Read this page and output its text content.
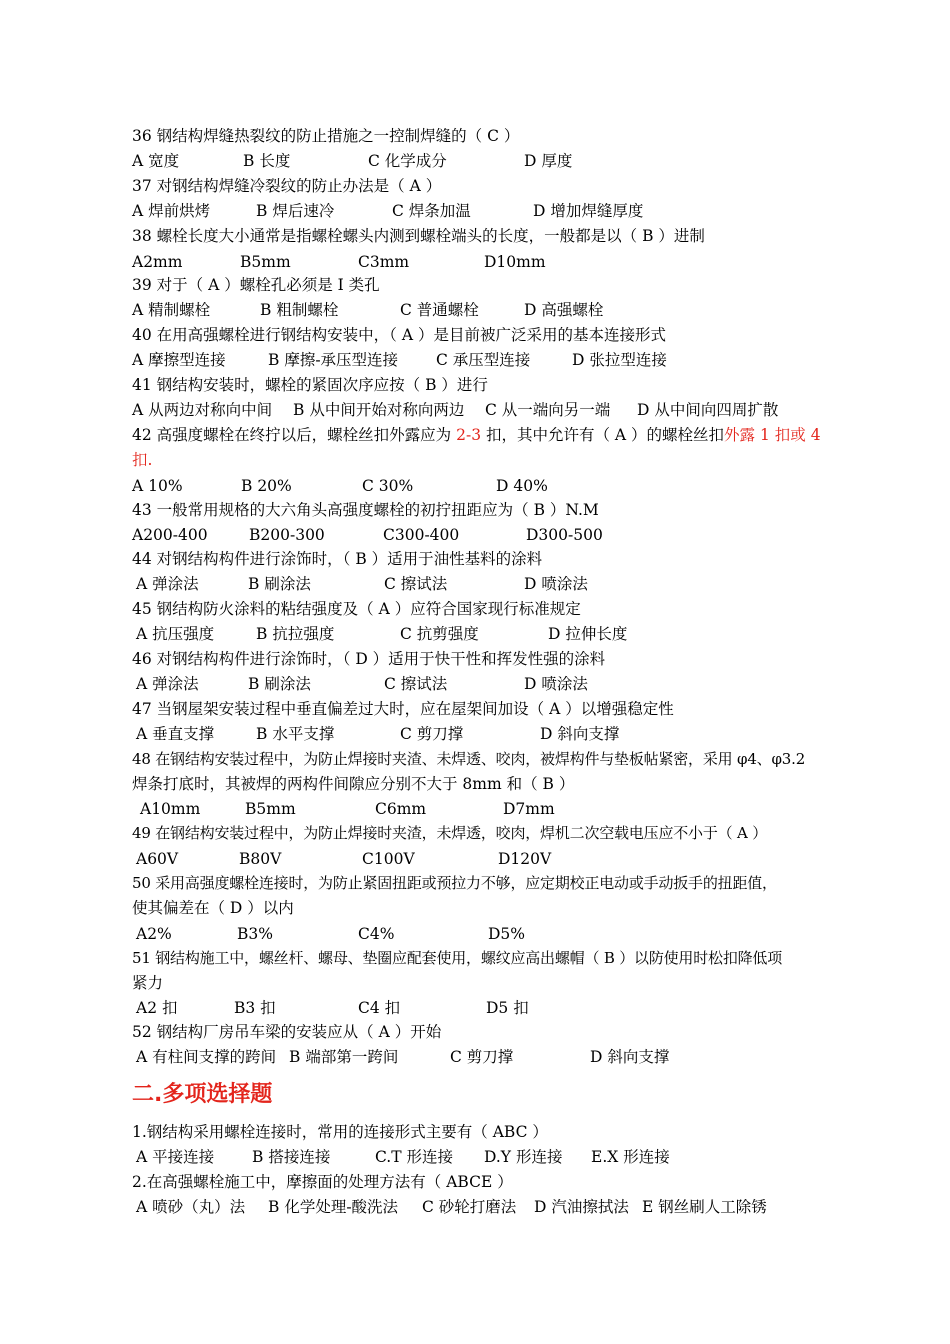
36 钢结构焊缝热裂纹的防止措施之一控制焊缝的（ C ）
A 宽度	B 长度	C 化学成分	D 厚度
37 对钢结构焊缝冷裂纹的防止办法是（ A ）
A 焊前烘烤	B 焊后速冷	C 焊条加温	D 增加焊缝厚度
38 螺栓长度大小通常是指螺栓螺头内测到螺栓端头的长度，一般都是以（ B ）进制
A2mm	B5mm	C3mm	D10mm
39 对于（ A ）螺栓孔必须是 I 类孔
A 精制螺栓	B 粗制螺栓	C 普通螺栓	D 高强螺栓
40 在用高强螺栓进行钢结构安装中，（ A ）是目前被广泛采用的基本连接形式
A 摩擦型连接	B 摩擦-承压型连接 C 承压型连接	D 张拉型连接
41 钢结构安装时，螺栓的紧固次序应按（ B ）进行
A 从两边对称向中间 B 从中间开始对称向两边 C 从一端向另一端 D 从中间向四周扩散
42 高强度螺栓在终拧以后，螺栓丝扣外露应为 2-3 扣，其中允许有（ A ）的螺栓丝扣外露 1 扣或 4
扣.
A 10%	B 20%	C 30%	D 40%
43 一般常用规格的大六角头高强度螺栓的初拧扭距应为（ B ）N.M
A200-400	B200-300	C300-400	D300-500
44 对钢结构构件进行涂饰时，（ B ）适用于油性基料的涂料
A 弹涂法	B 刷涂法	C 擦试法	D 喷涂法
45 钢结构防火涂料的粘结强度及（ A ）应符合国家现行标准规定
A 抗压强度	B 抗拉强度	C 抗剪强度	D 拉伸长度
46 对钢结构构件进行涂饰时，（ D ）适用于快干性和挥发性强的涂料
A 弹涂法	B 刷涂法	C 擦试法	D 喷涂法
47 当钢屋架安装过程中垂直偏差过大时，应在屋架间加设（ A ）以增强稳定性
A 垂直支撑	B 水平支撑	C 剪刀撑	D 斜向支撑
48 在钢结构安装过程中，为防止焊接时夹渣、未焊透、咬肉，被焊构件与垫板帖紧密，采用 φ4、φ3.2
焊条打底时，其被焊的两构件间隙应分别不大于 8mm 和（ B ）
A10mm	B5mm	C6mm	D7mm
49 在钢结构安装过程中，为防止焊接时夹渣，未焊透，咬肉，焊机二次空载电压应不小于（ A ）
A60V	B80V	C100V	D120V
50 采用高强度螺栓连接时，为防止紧固扭距或预拉力不够，应定期校正电动或手动扳手的扭距值，
使其偏差在（ D ）以内
A2%	B3%	C4%	D5%
51 钢结构施工中，螺丝杆、螺母、垫圈应配套使用，螺纹应高出螺帽（ B ）以防使用时松扣降低项
紧力
A2 扣	B3 扣	C4 扣	D5 扣
52 钢结构厂房吊车梁的安装应从（ A ）开始
A 有柱间支撑的跨间 B 端部第一跨间	C 剪刀撑	D 斜向支撑
二.多项选择题
1.钢结构采用螺栓连接时，常用的连接形式主要有（ ABC ）
A 平接连接 B 搭接连接	C.T 形连接 D.Y 形连接 E.X 形连接
2.在高强螺栓施工中，摩擦面的处理方法有（ ABCE ）
A 喷砂（丸）法 B 化学处理-酸洗法 C 砂轮打磨法 D 汽油擦拭法 E 钢丝刷人工除锈
